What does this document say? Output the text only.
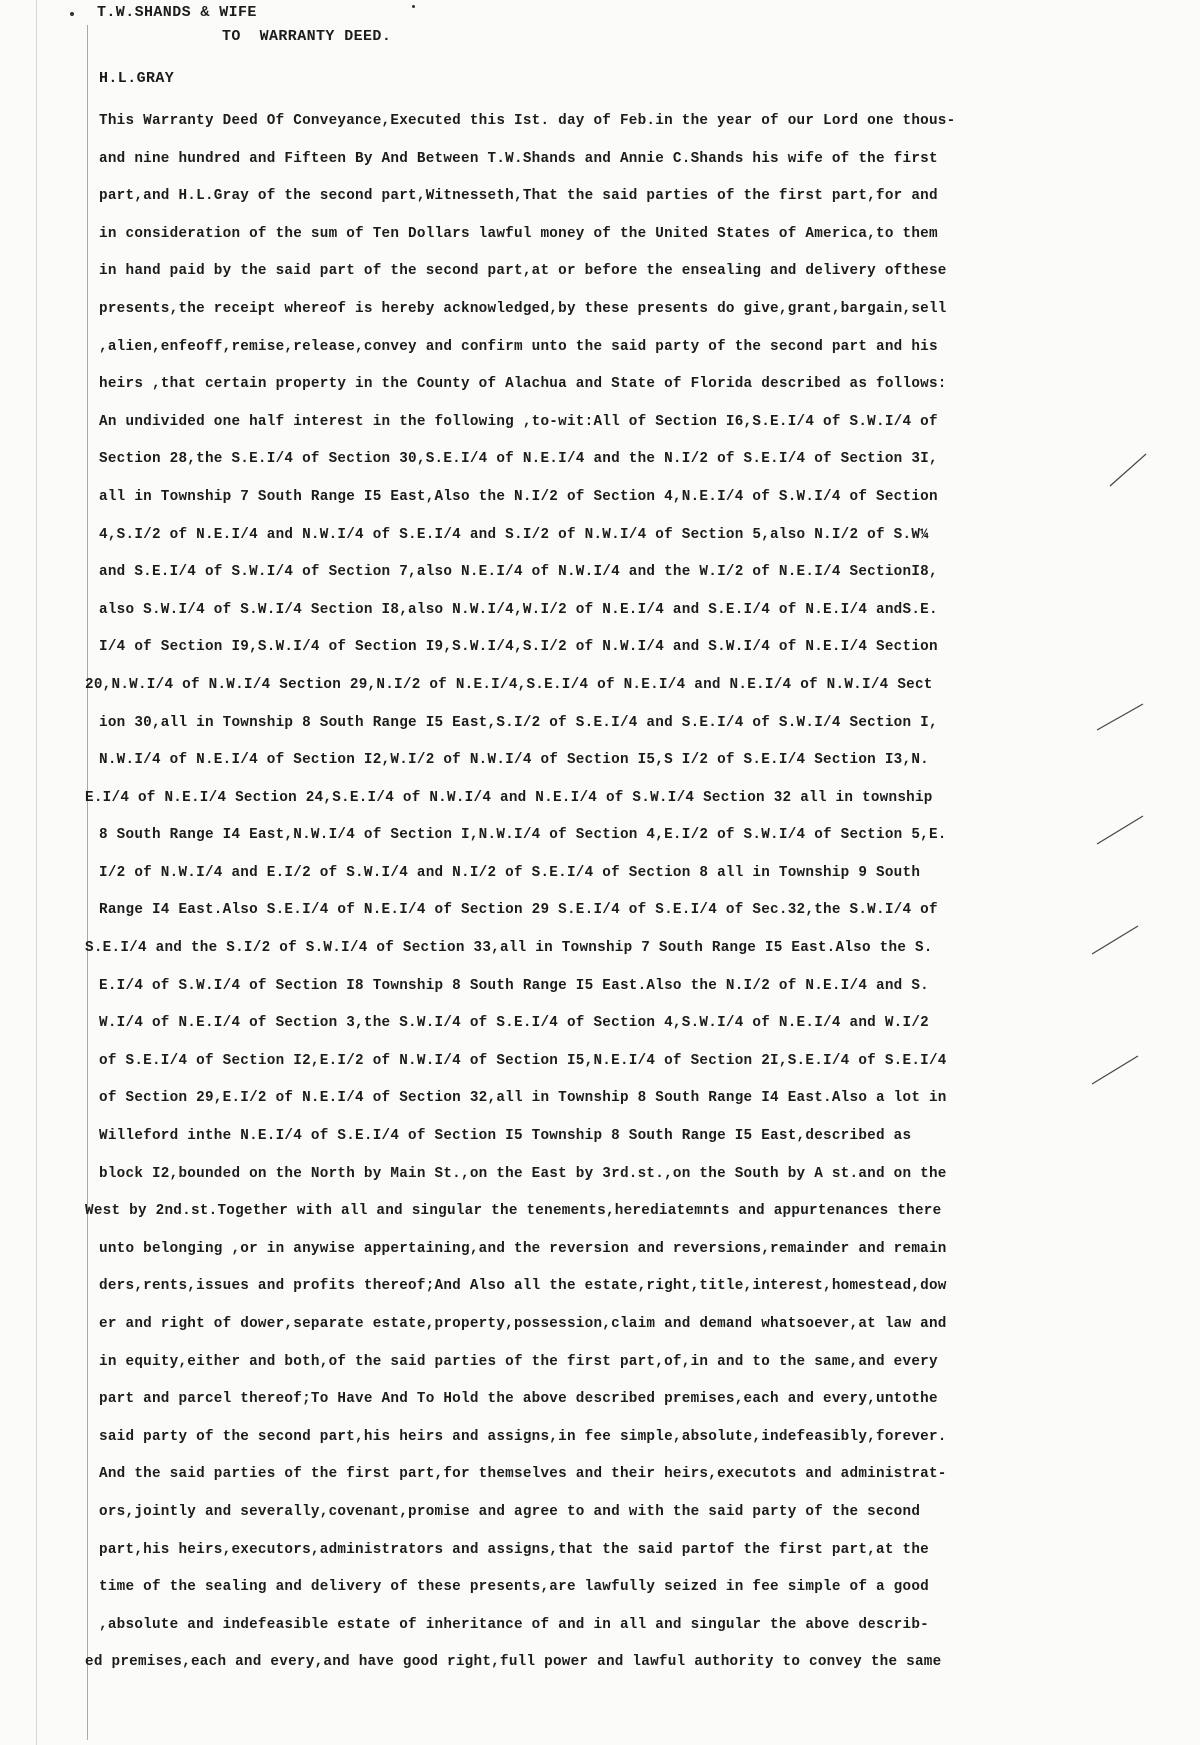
T.W.SHANDS & WIFE
TO  WARRANTY DEED.
H.L.GRAY
This Warranty Deed Of Conveyance,Executed this Ist. day of Feb.in the year of our Lord one thous-
and nine hundred and Fifteen By And Between T.W.Shands and Annie C.Shands his wife of the first
part,and H.L.Gray of the second part,Witnesseth,That the said parties of the first part,for and
in consideration of the sum of Ten Dollars lawful money of the United States of America,to them
in hand paid by the said part of the second part,at or before the ensealing and delivery ofthese
presents,the receipt whereof is hereby acknowledged,by these presents do give,grant,bargain,sell
,alien,enfeoff,remise,release,convey and confirm unto the said party of the second part and his
heirs ,that certain property in the County of Alachua and State of Florida described as follows:
An undivided one half interest in the following ,to-wit:All of Section I6,S.E.I/4 of S.W.I/4 of
Section 28,the S.E.I/4 of Section 30,S.E.I/4 of N.E.I/4 and the N.I/2 of S.E.I/4 of Section 3I,
all in Township 7 South Range I5 East,Also the N.I/2 of Section 4,N.E.I/4 of S.W.I/4 of Section
4,S.I/2 of N.E.I/4 and N.W.I/4 of S.E.I/4 and S.I/2 of N.W.I/4 of Section 5,also N.I/2 of S.W¼
and S.E.I/4 of S.W.I/4 of Section 7,also N.E.I/4 of N.W.I/4 and the W.I/2 of N.E.I/4 SectionI8,
also S.W.I/4 of S.W.I/4 Section I8,also N.W.I/4,W.I/2 of N.E.I/4 and S.E.I/4 of N.E.I/4 andS.E.
I/4 of Section I9,S.W.I/4 of Section I9,S.W.I/4,S.I/2 of N.W.I/4 and S.W.I/4 of N.E.I/4 Section
20,N.W.I/4 of N.W.I/4 Section 29,N.I/2 of N.E.I/4,S.E.I/4 of N.E.I/4 and N.E.I/4 of N.W.I/4 Sect
ion 30,all in Township 8 South Range I5 East,S.I/2 of S.E.I/4 and S.E.I/4 of S.W.I/4 Section I,
N.W.I/4 of N.E.I/4 of Section I2,W.I/2 of N.W.I/4 of Section I5,S I/2 of S.E.I/4 Section I3,N.
E.I/4 of N.E.I/4 Section 24,S.E.I/4 of N.W.I/4 and N.E.I/4 of S.W.I/4 Section 32 all in township
8 South Range I4 East,N.W.I/4 of Section I,N.W.I/4 of Section 4,E.I/2 of S.W.I/4 of Section 5,E.
I/2 of N.W.I/4 and E.I/2 of S.W.I/4 and N.I/2 of S.E.I/4 of Section 8 all in Township 9 South
Range I4 East.Also S.E.I/4 of N.E.I/4 of Section 29 S.E.I/4 of S.E.I/4 of Sec.32,the S.W.I/4 of
S.E.I/4 and the S.I/2 of S.W.I/4 of Section 33,all in Township 7 South Range I5 East.Also the S.
E.I/4 of S.W.I/4 of Section I8 Township 8 South Range I5 East.Also the N.I/2 of N.E.I/4 and S.
W.I/4 of N.E.I/4 of Section 3,the S.W.I/4 of S.E.I/4 of Section 4,S.W.I/4 of N.E.I/4 and W.I/2
of S.E.I/4 of Section I2,E.I/2 of N.W.I/4 of Section I5,N.E.I/4 of Section 2I,S.E.I/4 of S.E.I/4
of Section 29,E.I/2 of N.E.I/4 of Section 32,all in Township 8 South Range I4 East.Also a lot in
Willeford inthe N.E.I/4 of S.E.I/4 of Section I5 Township 8 South Range I5 East,described as
block I2,bounded on the North by Main St.,on the East by 3rd.st.,on the South by A st.and on the
West by 2nd.st.Together with all and singular the tenements,herediatemnts and appurtenances there
unto belonging ,or in anywise appertaining,and the reversion and reversions,remainder and remain
ders,rents,issues and profits thereof;And Also all the estate,right,title,interest,homestead,dow
er and right of dower,separate estate,property,possession,claim and demand whatsoever,at law and
in equity,either and both,of the said parties of the first part,of,in and to the same,and every
part and parcel thereof;To Have And To Hold the above described premises,each and every,untothe
said party of the second part,his heirs and assigns,in fee simple,absolute,indefeasibly,forever.
And the said parties of the first part,for themselves and their heirs,executots and administrat-
ors,jointly and severally,covenant,promise and agree to and with the said party of the second
part,his heirs,executors,administrators and assigns,that the said partof the first part,at the
time of the sealing and delivery of these presents,are lawfully seized in fee simple of a good
,absolute and indefeasible estate of inheritance of and in all and singular the above describ-
ed premises,each and every,and have good right,full power and lawful authority to convey the same
